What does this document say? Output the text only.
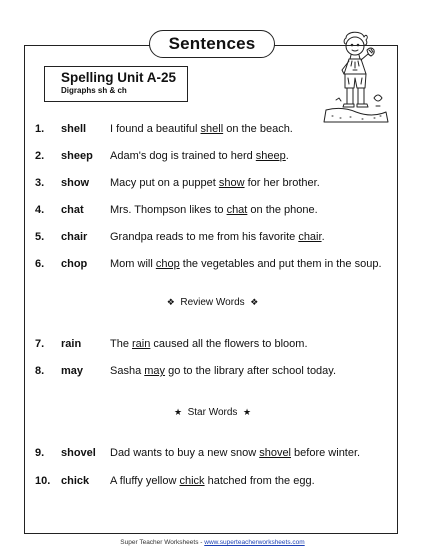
Sentences
Spelling Unit A-25
Digraphs sh & ch
1. shell I found a beautiful shell on the beach.
2. sheep Adam's dog is trained to herd sheep.
3. show Macy put on a puppet show for her brother.
4. chat Mrs. Thompson likes to chat on the phone.
5. chair Grandpa reads to me from his favorite chair.
6. chop Mom will chop the vegetables and put them in the soup.
❖ Review Words ❖
7. rain	The rain caused all the flowers to bloom.
8. may Sasha may go to the library after school today.
★ Star Words ★
9. shovel Dad wants to buy a new snow shovel before winter.
10. chick A fluffy yellow chick hatched from the egg.
Super Teacher Worksheets - www.superteacherworksheets.com
